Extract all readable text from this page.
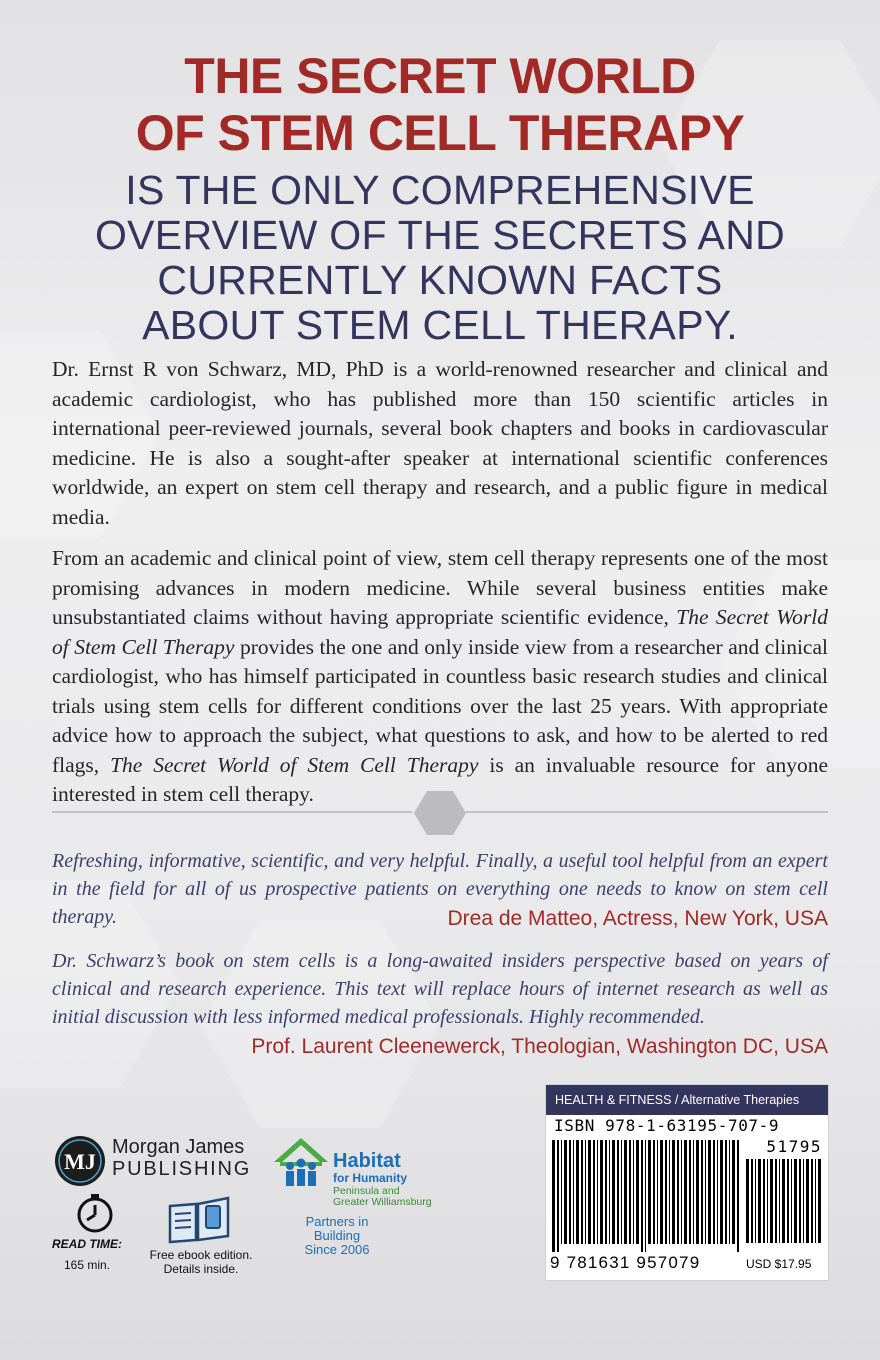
THE SECRET WORLD
OF STEM CELL THERAPY
IS THE ONLY COMPREHENSIVE
OVERVIEW OF THE SECRETS AND
CURRENTLY KNOWN FACTS
ABOUT STEM CELL THERAPY.

Dr. Ernst R von Schwarz, MD, PhD is a world-renowned researcher and clinical and academic cardiologist, who has published more than 150 scientific articles in international peer-reviewed journals, several book chapters and books in cardiovascular medicine. He is also a sought-after speaker at international scientific conferences worldwide, an expert on stem cell therapy and research, and a public figure in medical media.

From an academic and clinical point of view, stem cell therapy represents one of the most promising advances in modern medicine. While several business entities make unsubstantiated claims without having appropriate scientific evidence, The Secret World of Stem Cell Therapy provides the one and only inside view from a researcher and clinical cardiologist, who has himself participated in countless basic research studies and clinical trials using stem cells for different conditions over the last 25 years. With appropriate advice how to approach the subject, what questions to ask, and how to be alerted to red flags, The Secret World of Stem Cell Therapy is an invaluable resource for anyone interested in stem cell therapy.

Refreshing, informative, scientific, and very helpful. Finally, a useful tool helpful from an expert in the field for all of us prospective patients on everything one needs to know on stem cell therapy.	Drea de Matteo, Actress, New York, USA

Dr. Schwarz’s book on stem cells is a long-awaited insiders perspective based on years of clinical and research experience. This text will replace hours of internet research as well as initial discussion with less informed medical professionals. Highly recommended.

Prof. Laurent Cleenewerck, Theologian, Washington DC, USA
MJ
Morgan James
PUBLISHING	Habitat
for Humanity
Peninsula and
Greater Williamsburg
Partners in Building
Since 2006
READ TIME:
165 min.
Free ebook edition.
Details inside.
HEALTH & FITNESS / Alternative Therapies
ISBN 978-1-63195-707-9
51795
9 781631 957079	USD $17.95
